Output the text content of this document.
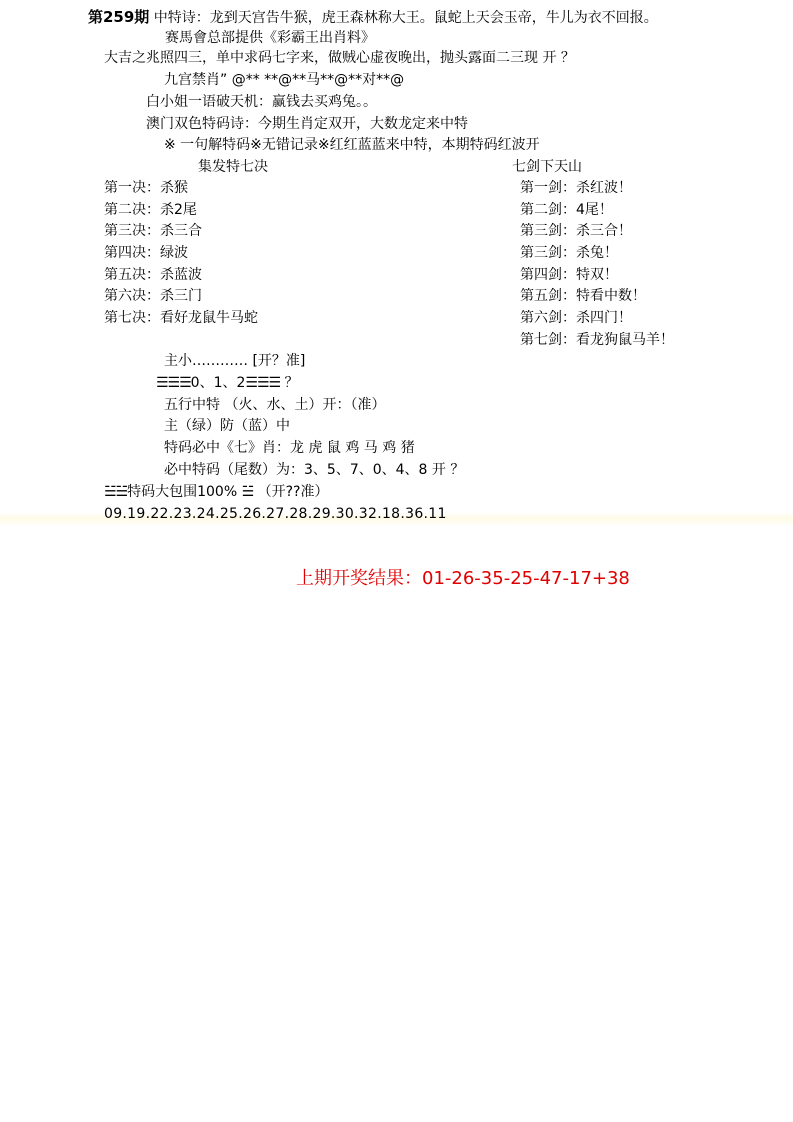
第259期 中特诗：龙到天宫告牛猴，虎王森林称大王。鼠蛇上天会玉帝，牛儿为衣不回报。
赛馬會总部提供《彩霸王出肖料》
大吉之兆照四三，单中求码七字来，做贼心虚夜晚出，抛头露面二三现 开 ？
九宫禁肖” @** **@**马**@**对**@
白小姐一语破天机：赢钱去买鸡兔。。
澳门双色特码诗：今期生肖定双开，大数龙定来中特
※ 一句解特码※无错记录※红红蓝蓝来中特，本期特码红波开
集发特七决	七剑下天山
第一决：杀猴
第二决：杀2尾
第三决：杀三合
第四决：绿波
第五决：杀蓝波
第六决：杀三门
第七决：看好龙鼠牛马蛇
第一剑：杀红波！
第二剑：4尾！
第三剑：杀三合！
第三剑：杀兔！
第四剑：特双！
第五剑：特看中数！
第六剑：杀四门！
第七剑：看龙狗鼠马羊！
主小………… [开？准]
☰☰☰0、1、2☰☰☰ ？
五行中特 （火、水、土）开：（准）
主（绿）防（蓝）中
特码必中《七》肖：龙 虎 鼠 鸡 马 鸡 猪
必中特码（尾数）为：3、5、7、0、4、8 开 ？
☱☱特码大包围100% ☱ （开??准）
09.19.22.23.24.25.26.27.28.29.30.32.18.36.11
上期开奖结果：01-26-35-25-47-17+38
